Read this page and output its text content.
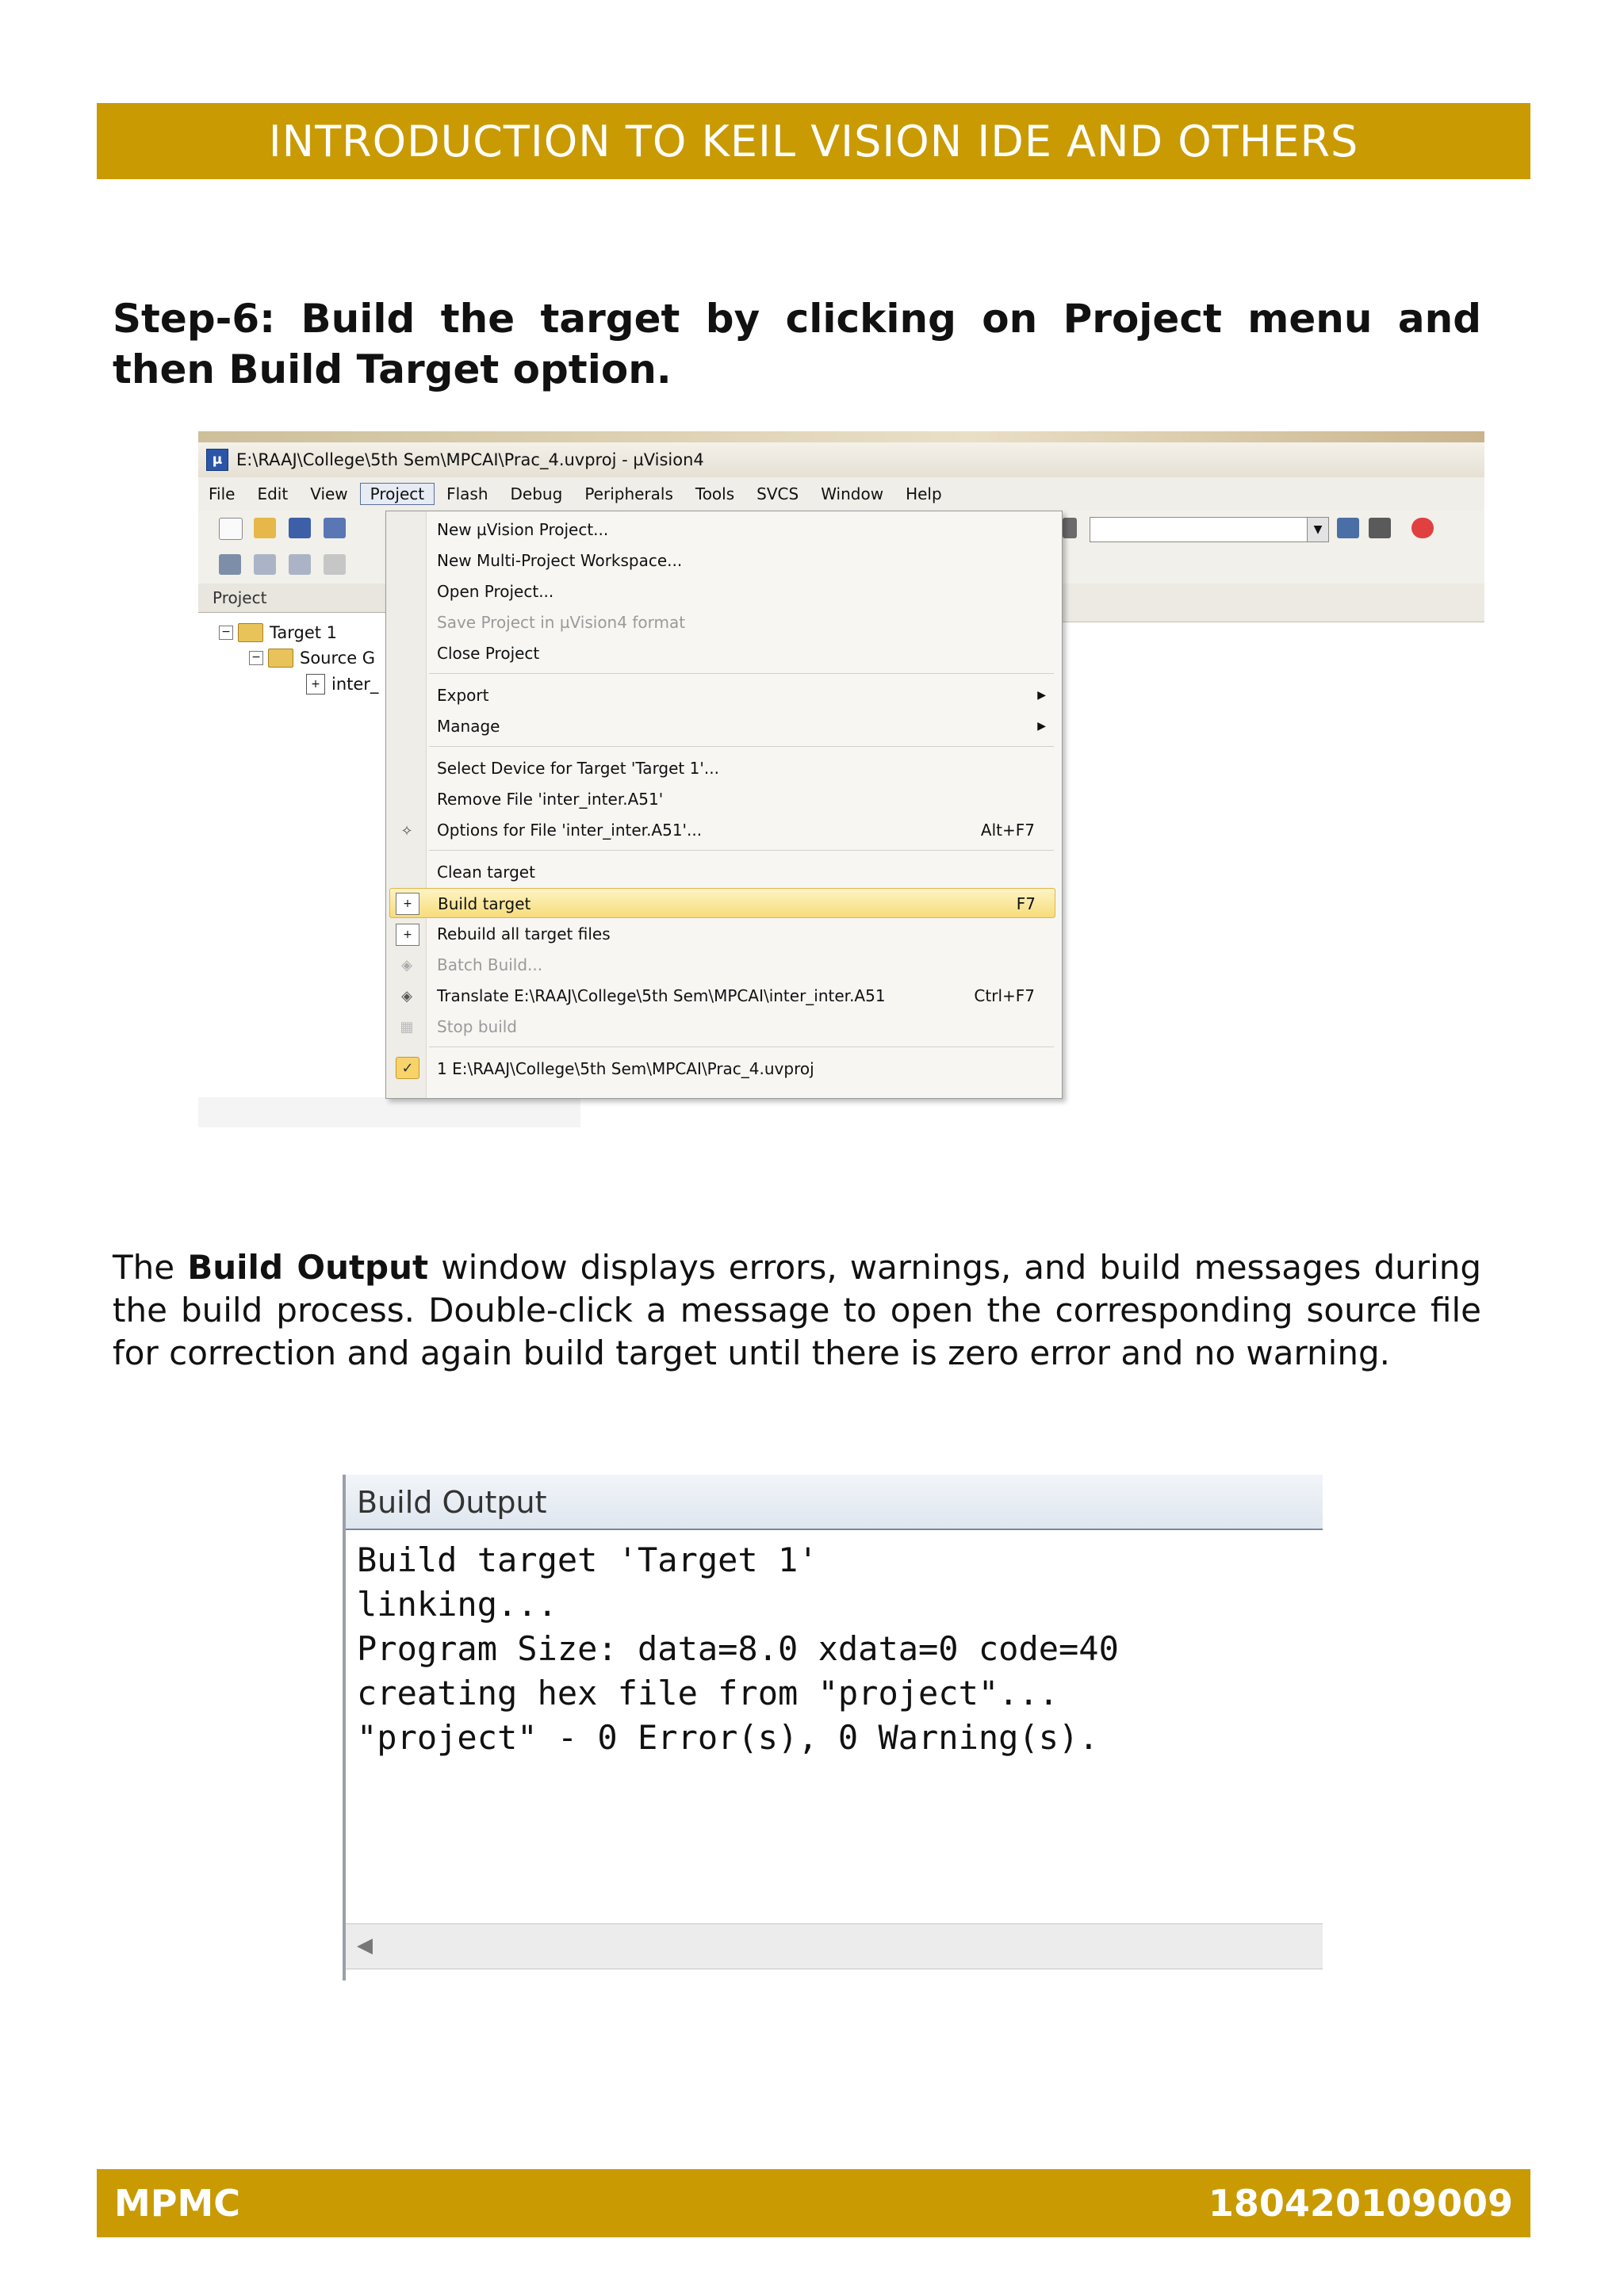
INTRODUCTION TO KEIL VISION IDE AND OTHERS
Step-6: Build the target by clicking on Project menu and then Build Target option.
µ E:\RAAJ\College\5th Sem\MPCAI\Prac_4.uvproj - µVision4
File	Edit	View	Project	Flash	Debug	Peripherals	Tools	SVCS	Window	Help
▼
Project
− Target 1
− Source G
+ inter_
New µVision Project...
New Multi-Project Workspace...
Open Project...
Save Project in µVision4 format
Close Project
Export	▶
Manage	▶
Select Device for Target 'Target 1'...
Remove File 'inter_inter.A51'
✧	Options for File 'inter_inter.A51'...	Alt+F7
Clean target
Build target	F7
+
+	Rebuild all target files
◈	Batch Build...
◈	Translate E:\RAAJ\College\5th Sem\MPCAI\inter_inter.A51	Ctrl+F7
▦	Stop build
✓	1 E:\RAAJ\College\5th Sem\MPCAI\Prac_4.uvproj
The Build Output window displays errors, warnings, and build messages during the build process. Double-click a message to open the corresponding source file for correction and again build target until there is zero error and no warning.
Build Output
Build target 'Target 1'
linking...
Program Size: data=8.0 xdata=0 code=40
creating hex file from "project"...
"project" - 0 Error(s), 0 Warning(s).
◀
MPMC	180420109009
